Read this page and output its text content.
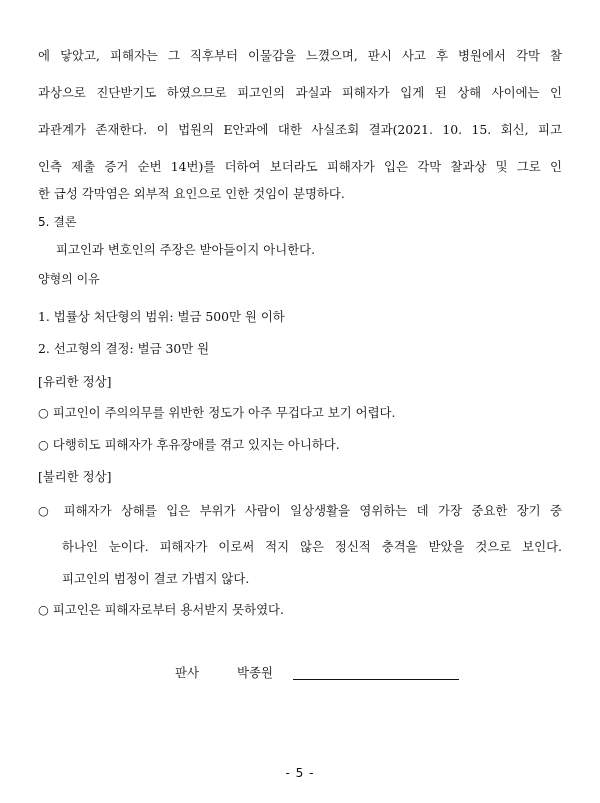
에 닿았고, 피해자는 그 직후부터 이물감을 느꼈으며, 판시 사고 후 병원에서 각막 찰
과상으로 진단받기도 하였으므로 피고인의 과실과 피해자가 입게 된 상해 사이에는 인
과관계가 존재한다. 이 법원의 E안과에 대한 사실조회 결과(2021. 10. 15. 회신, 피고
인측 제출 증거 순번 14번)를 더하여 보더라도 피해자가 입은 각막 찰과상 및 그로 인
한 급성 각막염은 외부적 요인으로 인한 것임이 분명하다.
5. 결론
피고인과 변호인의 주장은 받아들이지 아니한다.
양형의 이유
1. 법률상 처단형의 범위: 벌금 500만 원 이하
2. 선고형의 결정: 벌금 30만 원
[유리한 정상]
○ 피고인이 주의의무를 위반한 정도가 아주 무겁다고 보기 어렵다.
○ 다행히도 피해자가 후유장애를 겪고 있지는 아니하다.
[불리한 정상]
○ 피해자가 상해를 입은 부위가 사람이 일상생활을 영위하는 데 가장 중요한 장기 중
하나인 눈이다. 피해자가 이로써 적지 않은 정신적 충격을 받았을 것으로 보인다.
피고인의 범정이 결코 가볍지 않다.
○ 피고인은 피해자로부터 용서받지 못하였다.
판사	박종원
- 5 -
